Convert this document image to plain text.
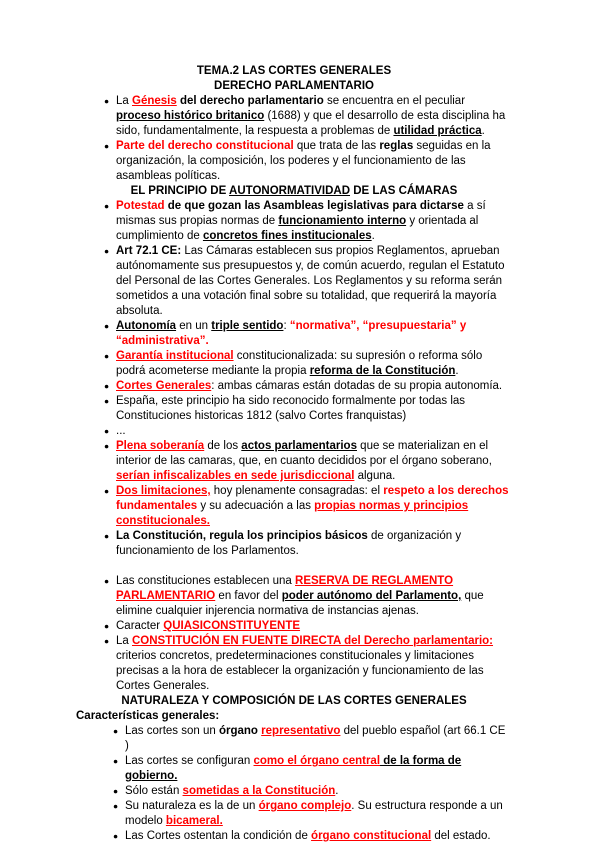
TEMA.2 LAS CORTES GENERALES
DERECHO PARLAMENTARIO
● La Génesis del derecho parlamentario se encuentra en el peculiar proceso histórico britanico (1688) y que el desarrollo de esta disciplina ha sido, fundamentalmente, la respuesta a problemas de utilidad práctica.
● Parte del derecho constitucional que trata de las reglas seguidas en la organización, la composición, los poderes y el funcionamiento de las asambleas políticas.
EL PRINCIPIO DE AUTONORMATIVIDAD DE LAS CÁMARAS
● Potestad de que gozan las Asambleas legislativas para dictarse a sí mismas sus propias normas de funcionamiento interno y orientada al cumplimiento de concretos fines institucionales.
● Art 72.1 CE: Las Cámaras establecen sus propios Reglamentos, aprueban autónomamente sus presupuestos y, de común acuerdo, regulan el Estatuto del Personal de las Cortes Generales. Los Reglamentos y su reforma serán sometidos a una votación final sobre su totalidad, que requerirá la mayoría absoluta.
● Autonomía en un triple sentido: “normativa”, “presupuestaria” y “administrativa”.
● Garantía institucional constitucionalizada: su supresión o reforma sólo podrá acometerse mediante la propia reforma de la Constitución.
● Cortes Generales: ambas cámaras están dotadas de su propia autonomía.
● España, este principio ha sido reconocido formalmente por todas las Constituciones historicas 1812 (salvo Cortes franquistas)
● ...
● Plena soberanía de los actos parlamentarios que se materializan en el interior de las camaras, que, en cuanto decididos por el órgano soberano, serían infiscalizables en sede jurisdiccional alguna.
● Dos limitaciones, hoy plenamente consagradas: el respeto a los derechos fundamentales y su adecuación a las propias normas y principios constitucionales.
● La Constitución, regula los principios básicos de organización y funcionamiento de los Parlamentos.
● Las constituciones establecen una RESERVA DE REGLAMENTO PARLAMENTARIO en favor del poder autónomo del Parlamento, que elimine cualquier injerencia normativa de instancias ajenas.
● Caracter QUIASICONSTITUYENTE
● La CONSTITUCIÓN EN FUENTE DIRECTA del Derecho parlamentario: criterios concretos, predeterminaciones constitucionales y limitaciones precisas a la hora de establecer la organización y funcionamiento de las Cortes Generales.
NATURALEZA Y COMPOSICIÓN DE LAS CORTES GENERALES
Características generales:
● Las cortes son un órgano representativo del pueblo español (art 66.1 CE )
● Las cortes se configuran como el órgano central de la forma de gobierno.
● Sólo están sometidas a la Constitución.
● Su naturaleza es la de un órgano complejo. Su estructura responde a un modelo bicameral.
● Las Cortes ostentan la condición de órgano constitucional del estado.
